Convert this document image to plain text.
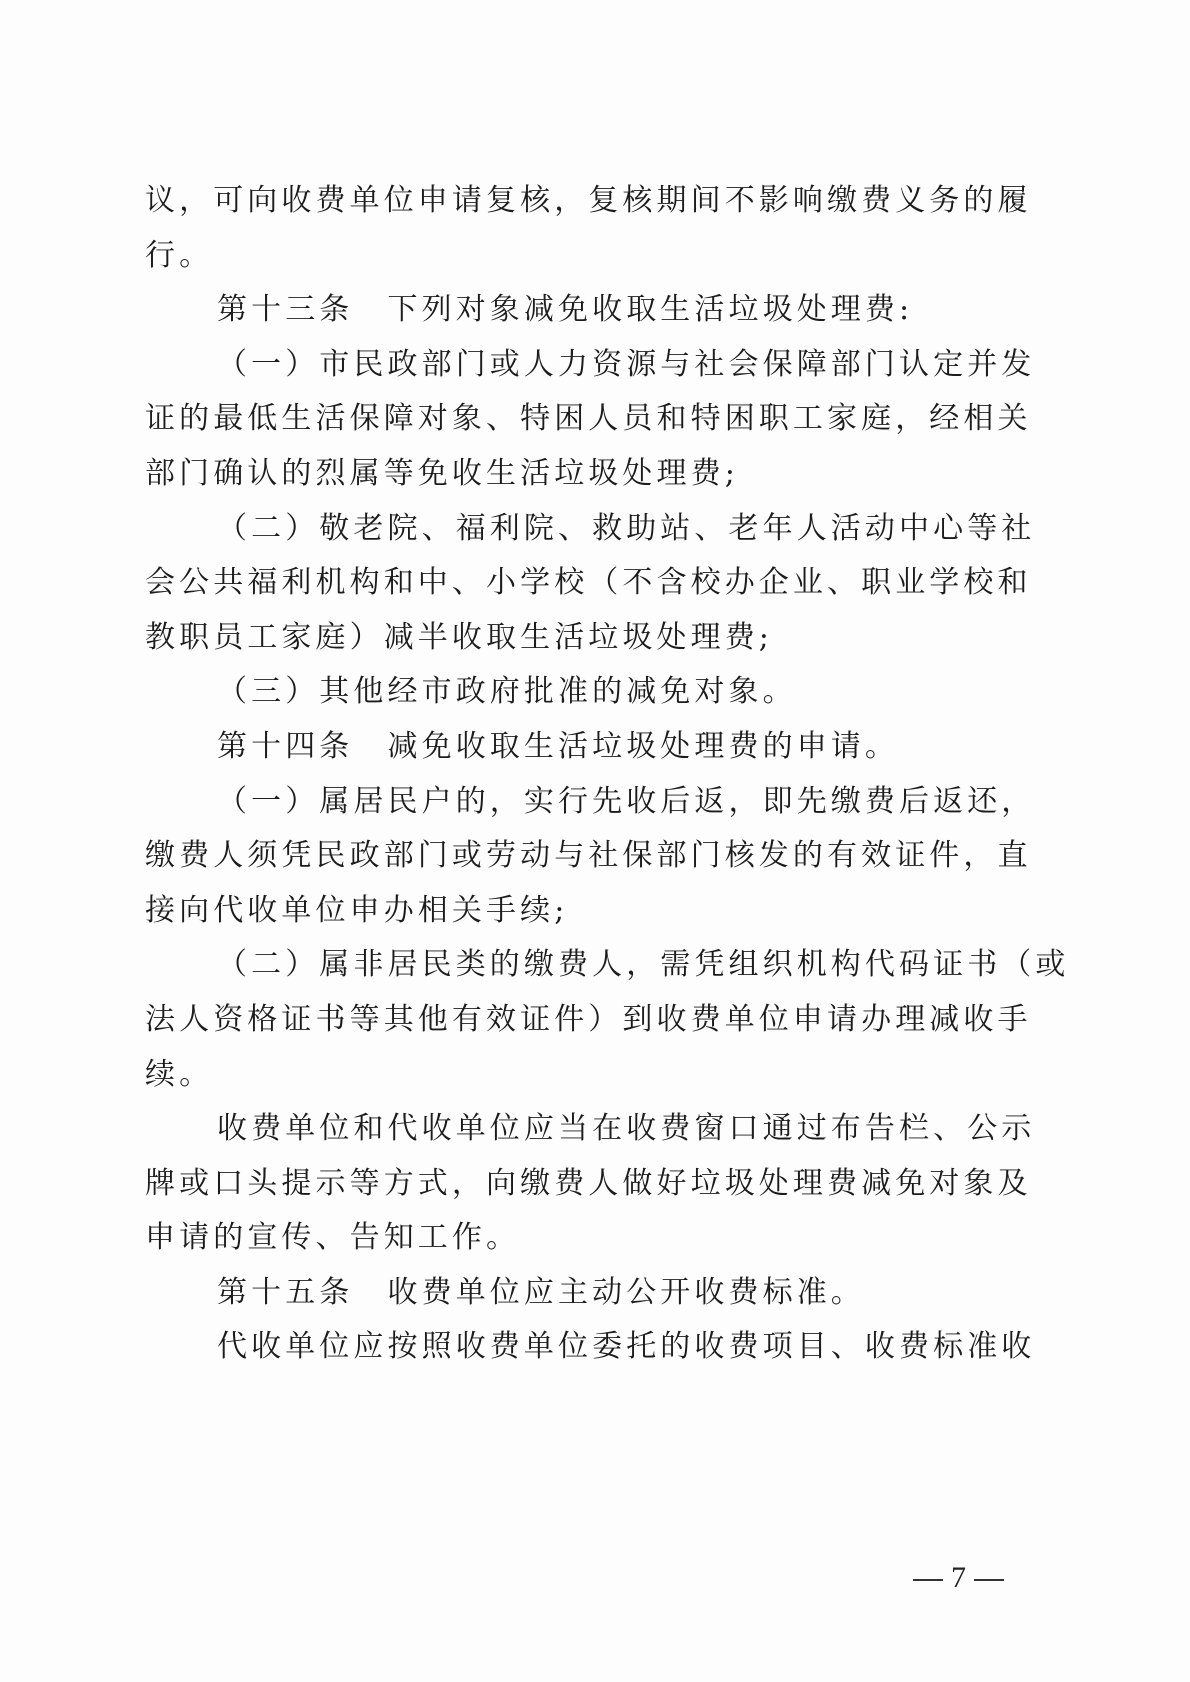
议，可向收费单位申请复核，复核期间不影响缴费义务的履
行。
第十三条　下列对象减免收取生活垃圾处理费:
（一）市民政部门或人力资源与社会保障部门认定并发
证的最低生活保障对象、特困人员和特困职工家庭，经相关
部门确认的烈属等免收生活垃圾处理费;
（二）敬老院、福利院、救助站、老年人活动中心等社
会公共福利机构和中、小学校（不含校办企业、职业学校和
教职员工家庭）减半收取生活垃圾处理费;
（三）其他经市政府批准的减免对象。
第十四条　减免收取生活垃圾处理费的申请。
（一）属居民户的，实行先收后返，即先缴费后返还，
缴费人须凭民政部门或劳动与社保部门核发的有效证件，直
接向代收单位申办相关手续;
（二）属非居民类的缴费人，需凭组织机构代码证书（或
法人资格证书等其他有效证件）到收费单位申请办理减收手
续。
收费单位和代收单位应当在收费窗口通过布告栏、公示
牌或口头提示等方式，向缴费人做好垃圾处理费减免对象及
申请的宣传、告知工作。
第十五条　收费单位应主动公开收费标准。
代收单位应按照收费单位委托的收费项目、收费标准收
7
